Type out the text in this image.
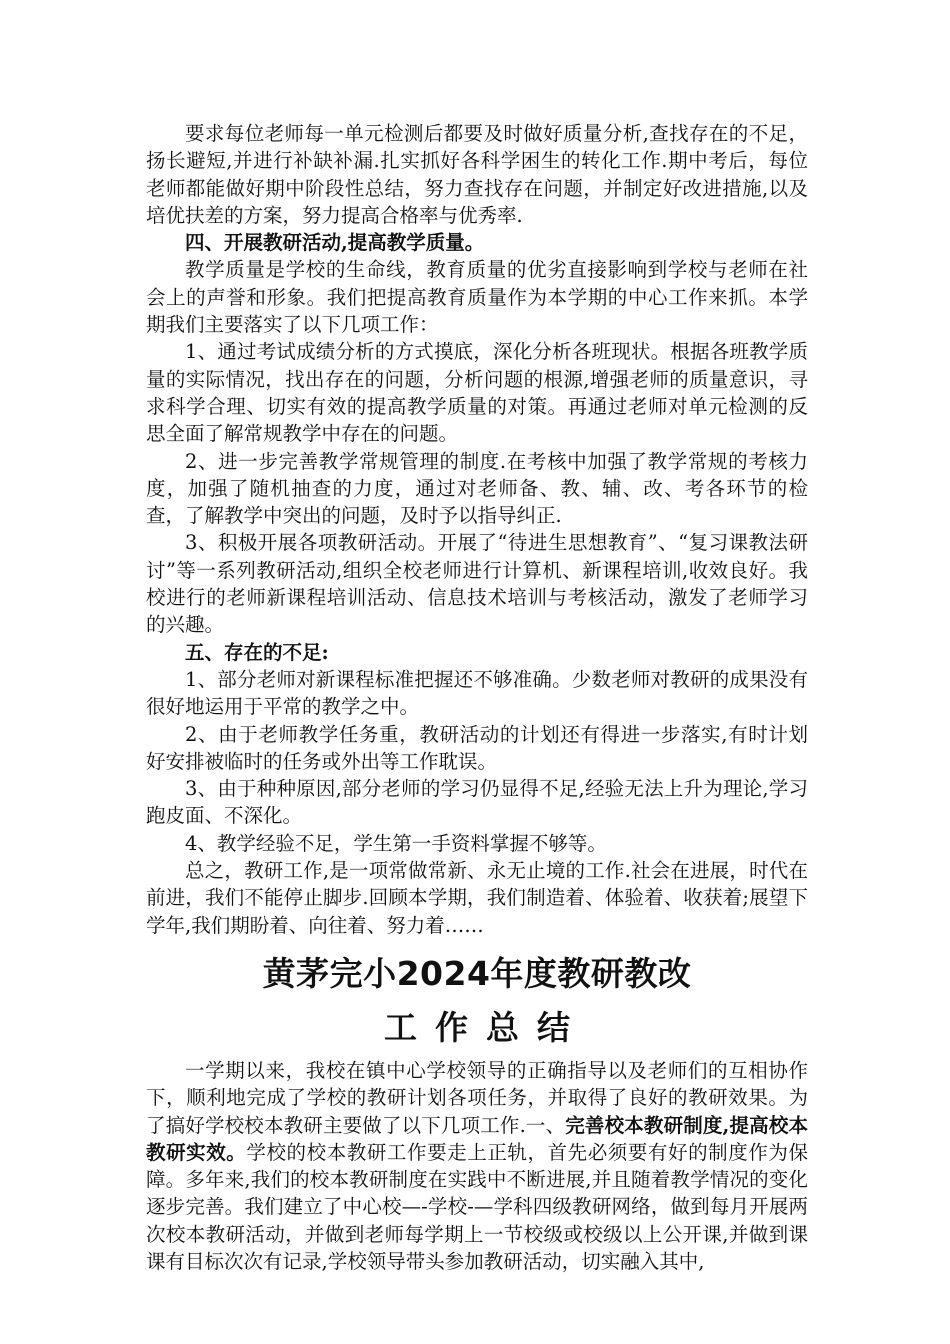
要求每位老师每一单元检测后都要及时做好质量分析,查找存在的不足，扬长避短,并进行补缺补漏.扎实抓好各科学困生的转化工作.期中考后，每位老师都能做好期中阶段性总结，努力查找存在问题，并制定好改进措施,以及培优扶差的方案，努力提高合格率与优秀率.

四、开展教研活动,提高教学质量。

教学质量是学校的生命线，教育质量的优劣直接影响到学校与老师在社会上的声誉和形象。我们把提高教育质量作为本学期的中心工作来抓。本学期我们主要落实了以下几项工作：

1、通过考试成绩分析的方式摸底，深化分析各班现状。根据各班教学质量的实际情况，找出存在的问题，分析问题的根源,增强老师的质量意识，寻求科学合理、切实有效的提高教学质量的对策。再通过老师对单元检测的反思全面了解常规教学中存在的问题。

2、进一步完善教学常规管理的制度.在考核中加强了教学常规的考核力度，加强了随机抽查的力度，通过对老师备、教、辅、改、考各环节的检查，了解教学中突出的问题，及时予以指导纠正.

3、积极开展各项教研活动。开展了“待进生思想教育”、“复习课教法研讨”等一系列教研活动,组织全校老师进行计算机、新课程培训,收效良好。我校进行的老师新课程培训活动、信息技术培训与考核活动，激发了老师学习的兴趣。

五、存在的不足:

1、部分老师对新课程标准把握还不够准确。少数老师对教研的成果没有很好地运用于平常的教学之中。

2、由于老师教学任务重，教研活动的计划还有得进一步落实,有时计划好安排被临时的任务或外出等工作耽误。

3、由于种种原因,部分老师的学习仍显得不足,经验无法上升为理论,学习跑皮面、不深化。

4、教学经验不足，学生第一手资料掌握不够等。

总之，教研工作,是一项常做常新、永无止境的工作.社会在进展，时代在前进，我们不能停止脚步.回顾本学期，我们制造着、体验着、收获着;展望下学年,我们期盼着、向往着、努力着……

黄茅完小2024年度教研教改
工作总结

一学期以来，我校在镇中心学校领导的正确指导以及老师们的互相协作下，顺利地完成了学校的教研计划各项任务，并取得了良好的教研效果。为了搞好学校校本教研主要做了以下几项工作.一、完善校本教研制度,提高校本教研实效。学校的校本教研工作要走上正轨，首先必须要有好的制度作为保障。多年来,我们的校本教研制度在实践中不断进展,并且随着教学情况的变化逐步完善。我们建立了中心校—-学校-—学科四级教研网络，做到每月开展两次校本教研活动，并做到老师每学期上一节校级或校级以上公开课,并做到课课有目标次次有记录,学校领导带头参加教研活动，切实融入其中,
